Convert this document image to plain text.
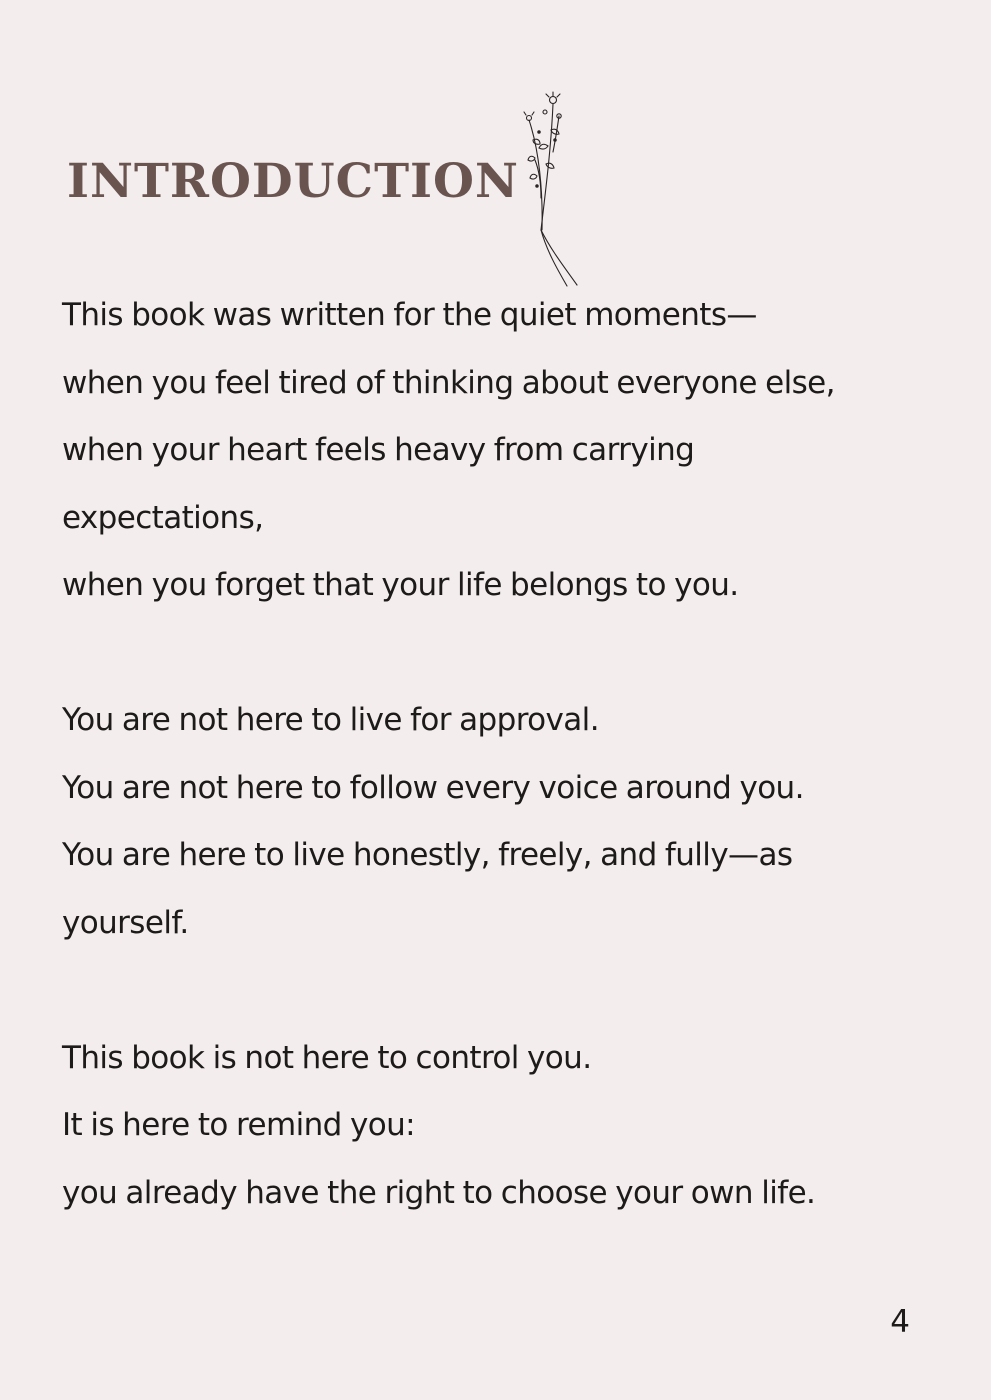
INTRODUCTION

This book was written for the quiet moments—
when you feel tired of thinking about everyone else,
when your heart feels heavy from carrying
expectations,
when you forget that your life belongs to you.

You are not here to live for approval.
You are not here to follow every voice around you.
You are here to live honestly, freely, and fully—as
yourself.

This book is not here to control you.
It is here to remind you:
you already have the right to choose your own life.

4
